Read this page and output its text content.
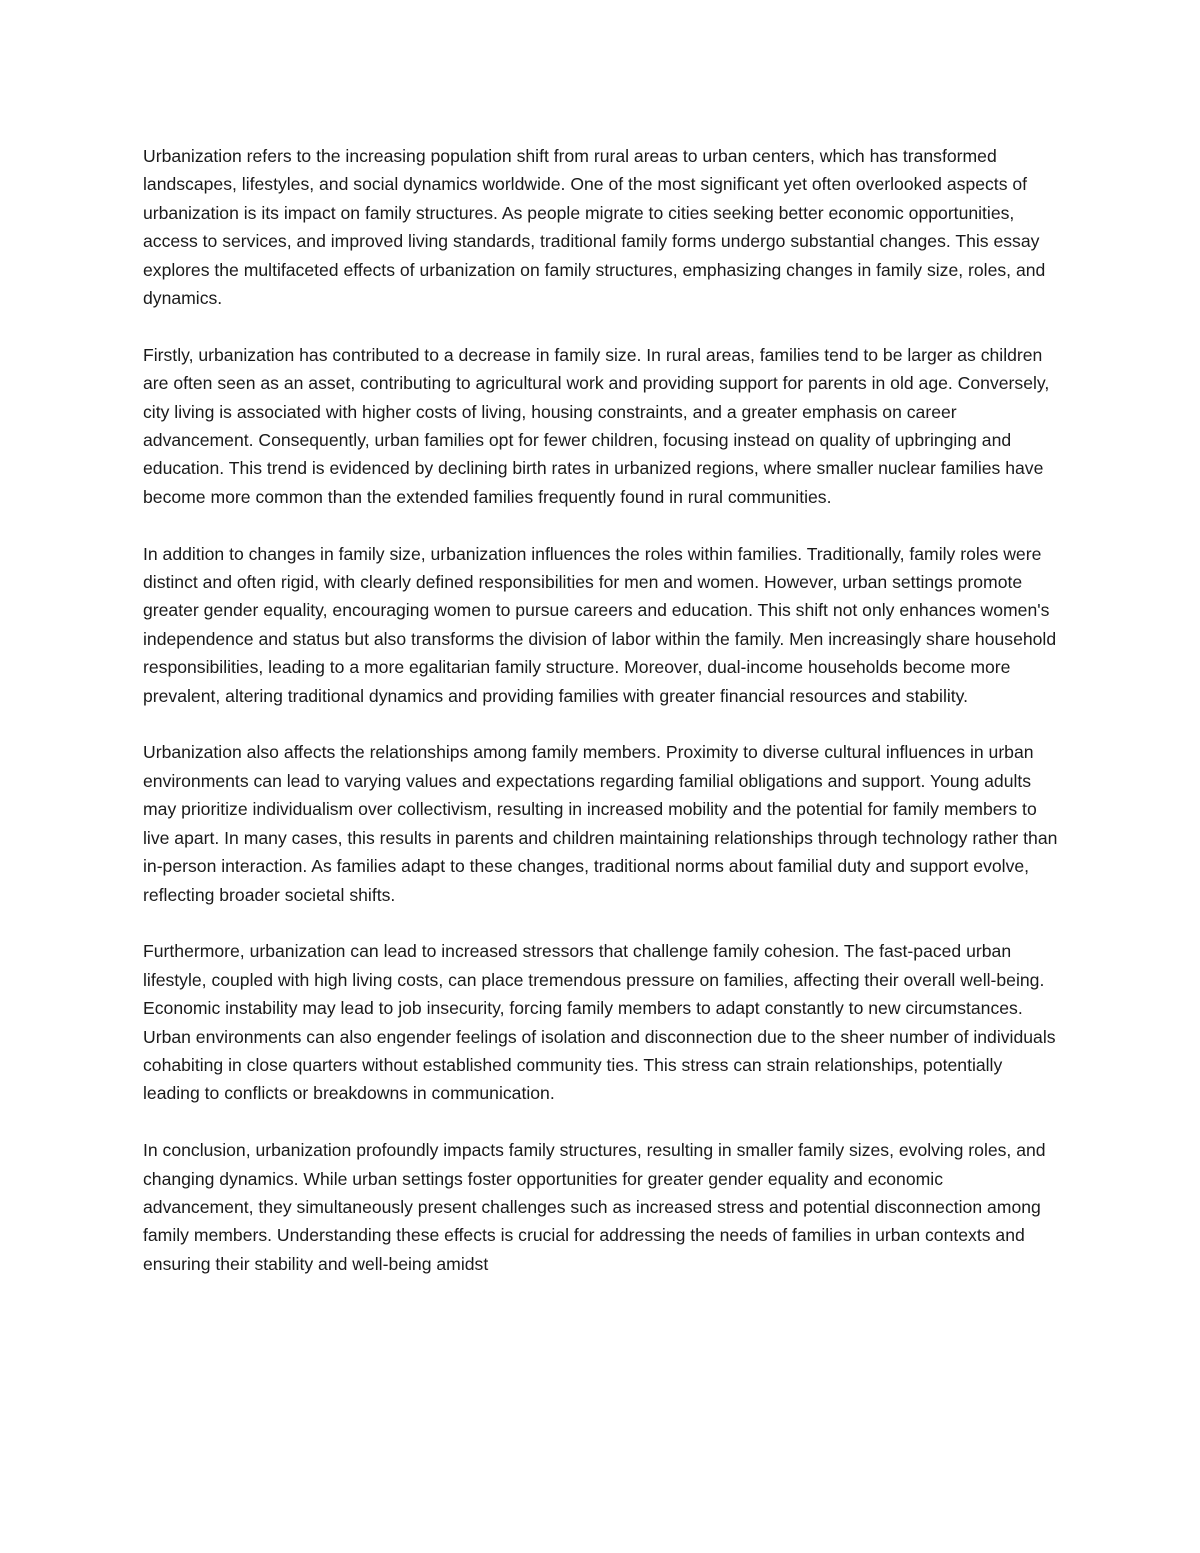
Urbanization refers to the increasing population shift from rural areas to urban centers, which has transformed landscapes, lifestyles, and social dynamics worldwide. One of the most significant yet often overlooked aspects of urbanization is its impact on family structures. As people migrate to cities seeking better economic opportunities, access to services, and improved living standards, traditional family forms undergo substantial changes. This essay explores the multifaceted effects of urbanization on family structures, emphasizing changes in family size, roles, and dynamics.

Firstly, urbanization has contributed to a decrease in family size. In rural areas, families tend to be larger as children are often seen as an asset, contributing to agricultural work and providing support for parents in old age. Conversely, city living is associated with higher costs of living, housing constraints, and a greater emphasis on career advancement. Consequently, urban families opt for fewer children, focusing instead on quality of upbringing and education. This trend is evidenced by declining birth rates in urbanized regions, where smaller nuclear families have become more common than the extended families frequently found in rural communities.

In addition to changes in family size, urbanization influences the roles within families. Traditionally, family roles were distinct and often rigid, with clearly defined responsibilities for men and women. However, urban settings promote greater gender equality, encouraging women to pursue careers and education. This shift not only enhances women's independence and status but also transforms the division of labor within the family. Men increasingly share household responsibilities, leading to a more egalitarian family structure. Moreover, dual-income households become more prevalent, altering traditional dynamics and providing families with greater financial resources and stability.

Urbanization also affects the relationships among family members. Proximity to diverse cultural influences in urban environments can lead to varying values and expectations regarding familial obligations and support. Young adults may prioritize individualism over collectivism, resulting in increased mobility and the potential for family members to live apart. In many cases, this results in parents and children maintaining relationships through technology rather than in-person interaction. As families adapt to these changes, traditional norms about familial duty and support evolve, reflecting broader societal shifts.

Furthermore, urbanization can lead to increased stressors that challenge family cohesion. The fast-paced urban lifestyle, coupled with high living costs, can place tremendous pressure on families, affecting their overall well-being. Economic instability may lead to job insecurity, forcing family members to adapt constantly to new circumstances. Urban environments can also engender feelings of isolation and disconnection due to the sheer number of individuals cohabiting in close quarters without established community ties. This stress can strain relationships, potentially leading to conflicts or breakdowns in communication.

In conclusion, urbanization profoundly impacts family structures, resulting in smaller family sizes, evolving roles, and changing dynamics. While urban settings foster opportunities for greater gender equality and economic advancement, they simultaneously present challenges such as increased stress and potential disconnection among family members. Understanding these effects is crucial for addressing the needs of families in urban contexts and ensuring their stability and well-being amidst
